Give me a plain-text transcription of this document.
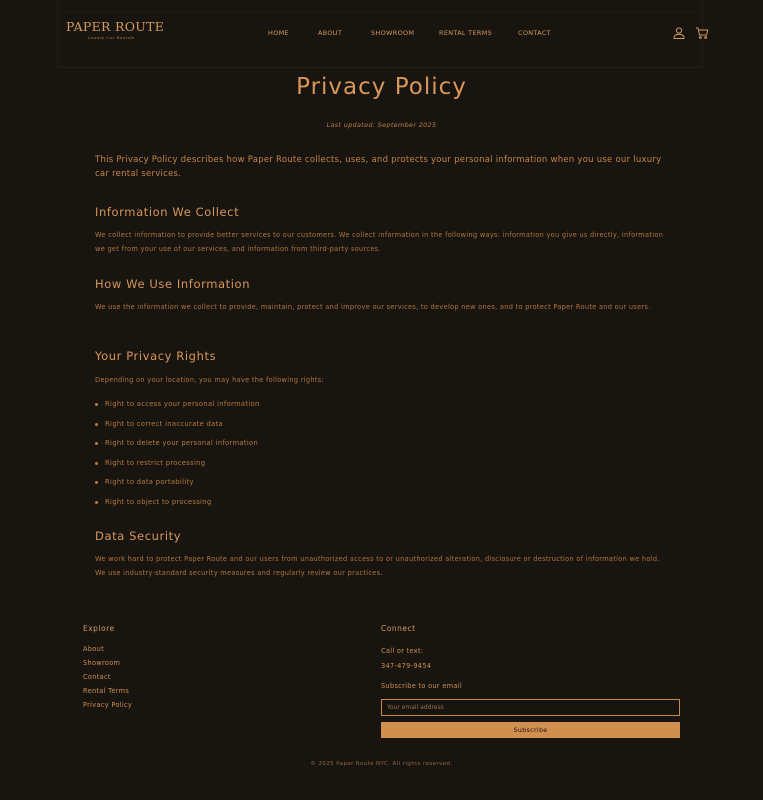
PAPER ROUTE
Luxury Car Rentals
HOME	ABOUT	SHOWROOM	RENTAL TERMS	CONTACT
Privacy Policy
Last updated: September 2025

This Privacy Policy describes how Paper Route collects, uses, and protects your personal information when you use our luxury car rental services.

Information We Collect

We collect information to provide better services to our customers. We collect information in the following ways: information you give us directly, information we get from your use of our services, and information from third-party sources.

How We Use Information

We use the information we collect to provide, maintain, protect and improve our services, to develop new ones, and to protect Paper Route and our users.

Your Privacy Rights

Depending on your location, you may have the following rights:

Right to access your personal information
Right to correct inaccurate data
Right to delete your personal information
Right to restrict processing
Right to data portability
Right to object to processing
Data Security

We work hard to protect Paper Route and our users from unauthorized access to or unauthorized alteration, disclosure or destruction of information we hold. We use industry-standard security measures and regularly review our practices.

Explore
About
Showroom
Contact
Rental Terms
Privacy Policy
Connect
Call or text:
347-479-9454
Subscribe to our email
Your email address
Subscribe
© 2025 Paper Route NYC. All rights reserved.
